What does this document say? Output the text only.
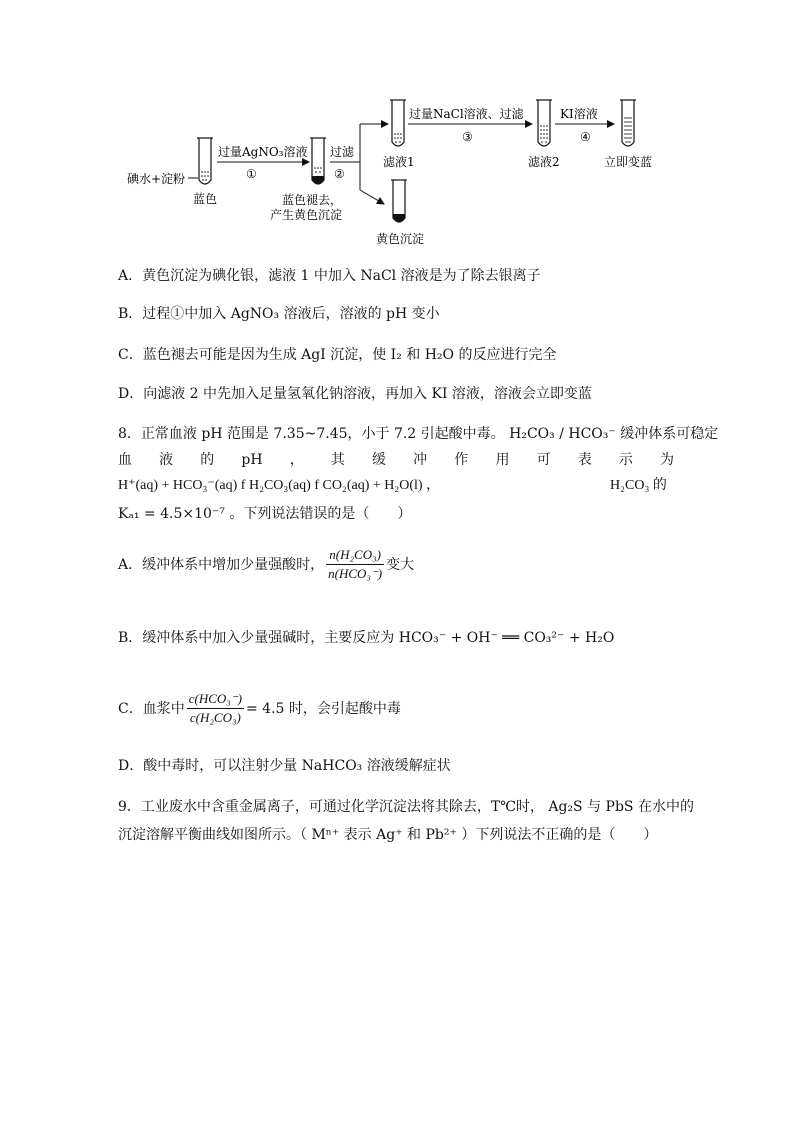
碘水+淀粉
蓝色
过量AgNO₃溶液
①
蓝色褪去，
产生黄色沉淀
过滤
②
滤液1
黄色沉淀
过量NaCl溶液、过滤
③
滤液2
KI溶液
④
立即变蓝
A．黄色沉淀为碘化银，滤液 1 中加入 NaCl 溶液是为了除去银离子
B．过程①中加入 AgNO₃ 溶液后，溶液的 pH 变小
C．蓝色褪去可能是因为生成 AgI 沉淀，使 I₂ 和 H₂O 的反应进行完全
D．向滤液 2 中先加入足量氢氧化钠溶液，再加入 KI 溶液，溶液会立即变蓝
8．正常血液 pH 范围是 7.35~7.45，小于 7.2 引起酸中毒。 H₂CO₃ / HCO₃⁻ 缓冲体系可稳定
血 液 的 pH ， 其 缓 冲 作 用 可 表 示 为
H⁺(aq) + HCO₃⁻(aq) f H₂CO₃(aq) f CO₂(aq) + H₂O(l) ，	H₂CO₃ 的
Kₐ₁ = 4.5×10⁻⁷ 。下列说法错误的是（　　）
A．缓冲体系中增加少量强酸时， $\frac{\text{n(H₂CO₃)}}{\text{n(HCO₃⁻)}}$ 变大
B．缓冲体系中加入少量强碱时，主要反应为 HCO₃⁻ + OH⁻ ══ CO₃²⁻ + H₂O
C．血浆中 $\frac{\text{c(HCO₃⁻)}}{\text{c(H₂CO₃)}} = 4.5$ 时，会引起酸中毒
D．酸中毒时，可以注射少量 NaHCO₃ 溶液缓解症状
9．工业废水中含重金属离子，可通过化学沉淀法将其除去，T℃时， Ag₂S 与 PbS 在水中的
沉淀溶解平衡曲线如图所示。（ Mⁿ⁺ 表示 Ag⁺ 和 Pb²⁺ ）下列说法不正确的是（　　）
